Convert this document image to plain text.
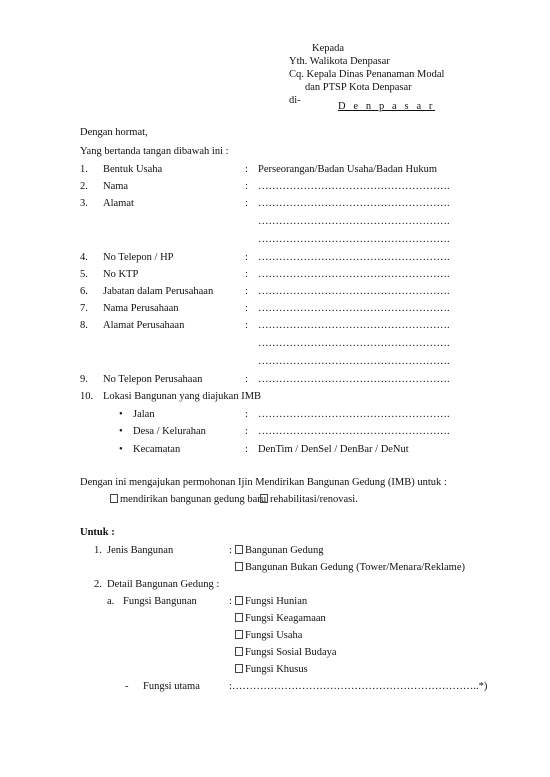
Kepada
Yth. Walikota Denpasar
Cq. Kepala Dinas Penanaman Modal
dan PTSP Kota Denpasar
di-
D e n p a s a r
Dengan hormat,
Yang bertanda tangan dibawah ini :
1. Bentuk Usaha	: Perseorangan/Badan Usaha/Badan Hukum
2. Nama	: ……………………………………………….
3. Alamat	: ……………………………………………….
……………………………………………….
……………………………………………….
4. No Telepon / HP	: ……………………………………………….
5. No KTP	: ……………………………………………….
6. Jabatan dalam Perusahaan	: ……………………………………………….
7. Nama Perusahaan	: ……………………………………………….
8. Alamat Perusahaan	: ……………………………………………….
……………………………………………….
……………………………………………….
9. No Telepon Perusahaan	: ……………………………………………….
10. Lokasi Bangunan yang diajukan IMB
• Jalan	: ……………………………………………….
• Desa / Kelurahan	: ……………………………………………….
• Kecamatan	: DenTim / DenSel / DenBar / DeNut
Dengan ini mengajukan permohonan Ijin Mendirikan Bangunan Gedung (IMB) untuk :
mendirikan bangunan gedung baru. rehabilitasi/renovasi.
Untuk :
1. Jenis Bangunan	:	Bangunan Gedung
Bangunan Bukan Gedung (Tower/Menara/Reklame)
2. Detail Bangunan Gedung :
a. Fungsi Bangunan	:	Fungsi Hunian
Fungsi Keagamaan
Fungsi Usaha
Fungsi Sosial Budaya
Fungsi Khusus
- Fungsi utama	:……………………………………………………………..*)
